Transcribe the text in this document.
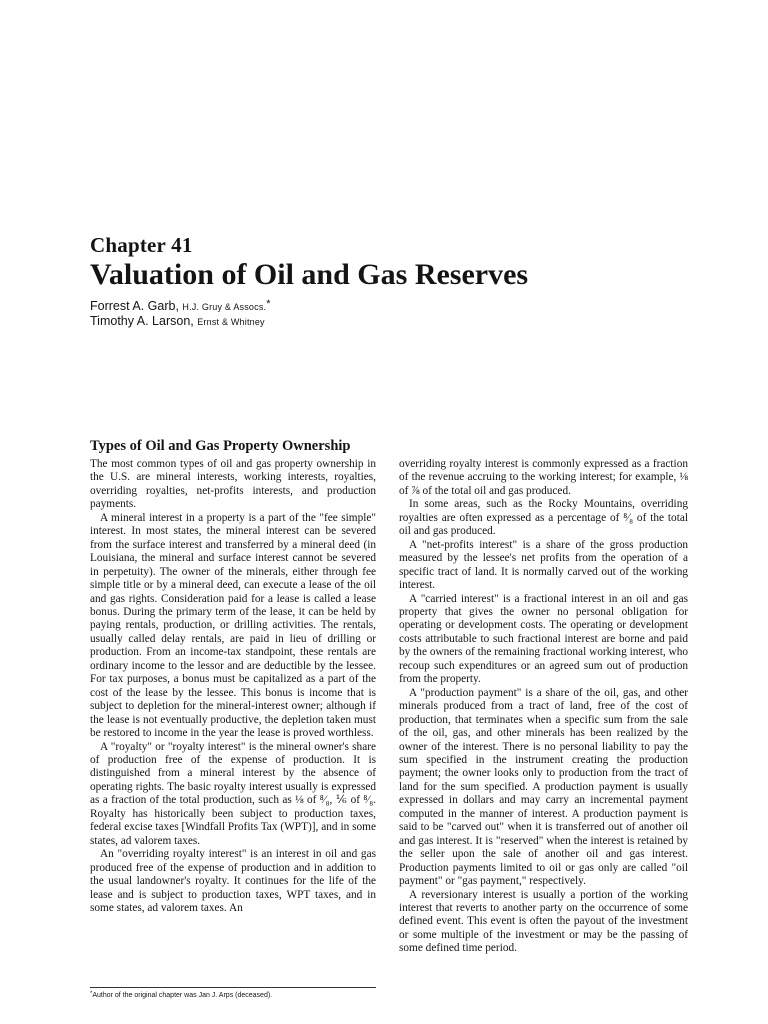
Chapter 41
Valuation of Oil and Gas Reserves
Forrest A. Garb, H.J. Gruy & Assocs.*
Timothy A. Larson, Ernst & Whitney
Types of Oil and Gas Property Ownership

The most common types of oil and gas property ownership in the U.S. are mineral interests, working interests, royalties, overriding royalties, net-profits interests, and production payments.

A mineral interest in a property is a part of the "fee simple" interest. In most states, the mineral interest can be severed from the surface interest and transferred by a mineral deed (in Louisiana, the mineral and surface interest cannot be severed in perpetuity). The owner of the minerals, either through fee simple title or by a mineral deed, can execute a lease of the oil and gas rights. Consideration paid for a lease is called a lease bonus. During the primary term of the lease, it can be held by paying rentals, production, or drilling activities. The rentals, usually called delay rentals, are paid in lieu of drilling or production. From an income-tax standpoint, these rentals are ordinary income to the lessor and are deductible by the lessee. For tax purposes, a bonus must be capitalized as a part of the cost of the lease by the lessee. This bonus is income that is subject to depletion for the mineral-interest owner; although if the lease is not eventually productive, the depletion taken must be restored to income in the year the lease is proved worthless.

A "royalty" or "royalty interest" is the mineral owner's share of production free of the expense of production. It is distinguished from a mineral interest by the absence of operating rights. The basic royalty interest usually is expressed as a fraction of the total production, such as ⅛ of ⁸⁄₈, ⅙ of ⁸⁄₈. Royalty has historically been subject to production taxes, federal excise taxes [Windfall Profits Tax (WPT)], and in some states, ad valorem taxes.

An "overriding royalty interest" is an interest in oil and gas produced free of the expense of production and in addition to the usual landowner's royalty. It continues for the life of the lease and is subject to production taxes, WPT taxes, and in some states, ad valorem taxes. An

overriding royalty interest is commonly expressed as a fraction of the revenue accruing to the working interest; for example, ⅛ of ⅞ of the total oil and gas produced.

In some areas, such as the Rocky Mountains, overriding royalties are often expressed as a percentage of ⁸⁄₈ of the total oil and gas produced.

A "net-profits interest" is a share of the gross production measured by the lessee's net profits from the operation of a specific tract of land. It is normally carved out of the working interest.

A "carried interest" is a fractional interest in an oil and gas property that gives the owner no personal obligation for operating or development costs. The operating or development costs attributable to such fractional interest are borne and paid by the owners of the remaining fractional working interest, who recoup such expenditures or an agreed sum out of production from the property.

A "production payment" is a share of the oil, gas, and other minerals produced from a tract of land, free of the cost of production, that terminates when a specific sum from the sale of the oil, gas, and other minerals has been realized by the owner of the interest. There is no personal liability to pay the sum specified in the instrument creating the production payment; the owner looks only to production from the tract of land for the sum specified. A production payment is usually expressed in dollars and may carry an incremental payment computed in the manner of interest. A production payment is said to be "carved out" when it is transferred out of another oil and gas interest. It is "reserved" when the interest is retained by the seller upon the sale of another oil and gas interest. Production payments limited to oil or gas only are called "oil payment" or "gas payment," respectively.

A reversionary interest is usually a portion of the working interest that reverts to another party on the occurrence of some defined event. This event is often the payout of the investment or some multiple of the investment or may be the passing of some defined time period.

*Author of the original chapter was Jan J. Arps (deceased).
